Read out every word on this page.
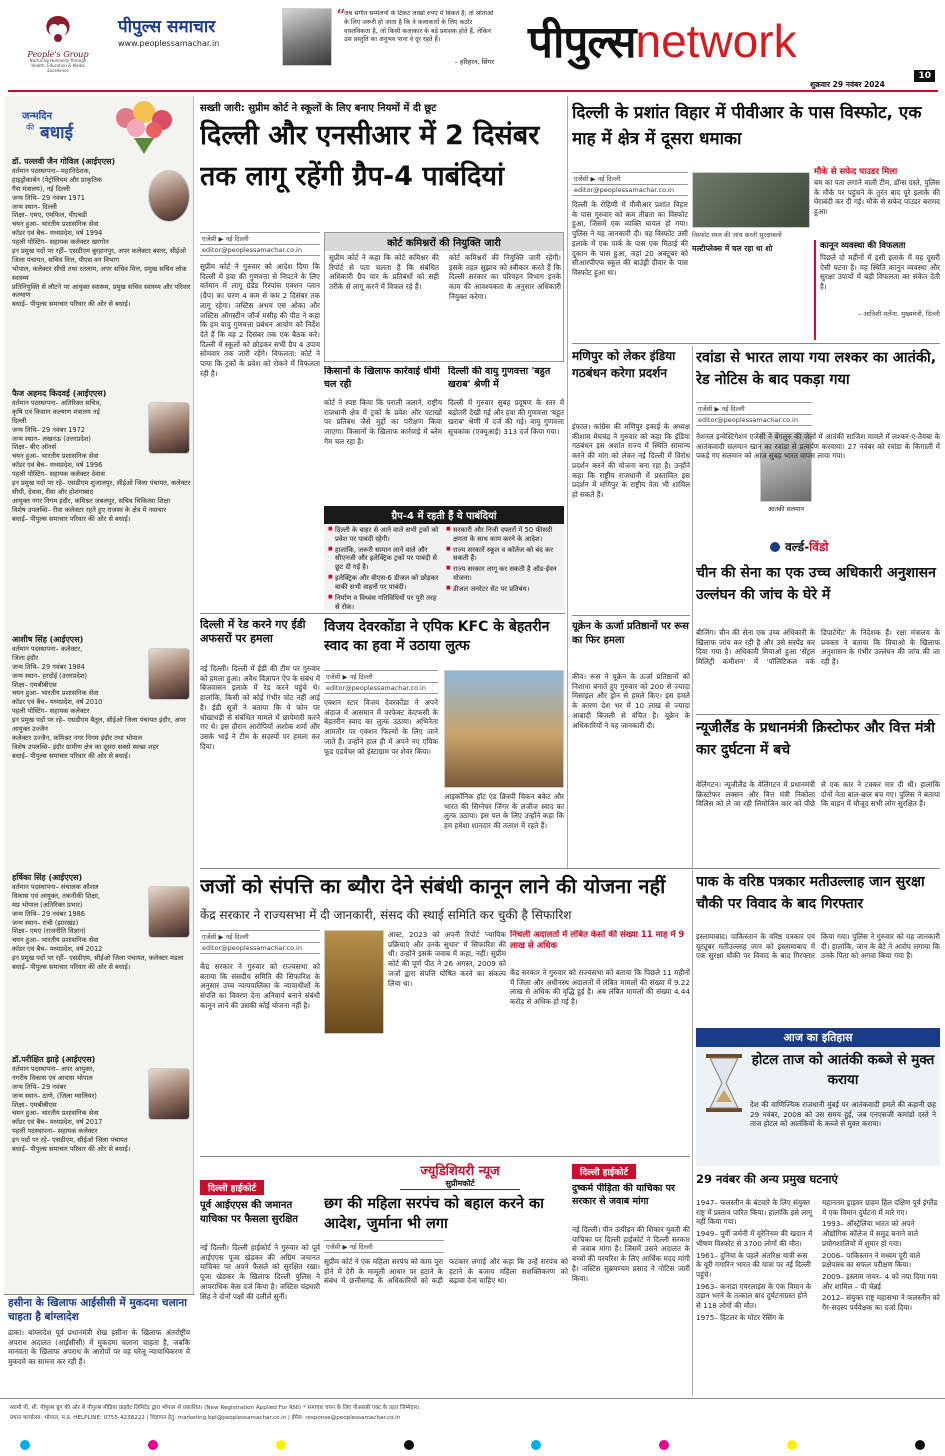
People's Group
Nurturing Humanity through Health, Education & Media Excellence
पीपुल्स समाचार
www.peoplessamachar.in
“
जब संगीत सम्मेलनों के टिकट लाखों रुपए में बिकते हैं, तो श्रोताओं के लिए जरूरी हो जाता है कि वे कलाकारों के लिए कठोर वास्तविकता है, जो किसी कलाकार के बड़े प्रशंसक होते हैं, लेकिन उस प्रस्तुति का अनुभव पाना वे दूर रहते हैं।
– हरिहरन, सिंगर पीपुल्सnetwork
शुक्रवार 29 नवंबर 2024
10
जन्मदिन
की बधाई
डॉ. पल्लवी जैन गोविल (आईएएस)
वर्तमान पदस्थापना– महानिदेशक,
हाइड्रोकार्बन (पेट्रोलियम और प्राकृतिक
गैस मंत्रालय), नई दिल्ली
जन्म तिथि– 29 नवंबर 1971
जन्म स्थान– दिल्ली
शिक्षा– एमए, एमफिल, पीएचडी
चयन हुआ– भारतीय प्रशासनिक सेवा
कॉडर एवं बैच– मध्यप्रदेश, वर्ष 1994
पहली पोस्टिंग– सहायक कलेक्टर खरगोन
इन प्रमुख पदों पर रहीं– एसडीएम बुरहानपुर, अपर कलेक्टर बस्तर, सीईओ जिला पंचायत, सचिव वित्त, पीएस वन विभाग
भोपाल, कलेक्टर सीधी तथा रतलाम, अपर सचिव वित्त, प्रमुख सचिव लोक स्वास्थ्य
प्रतिनियुक्ति से लौटने पर आयुक्त स्वास्थ्य, प्रमुख सचिव स्वास्थ्य और परिवार कल्याण
बधाई– पीपुल्स समाचार परिवार की ओर से बधाई।
फैज अहमद किदवई (आईएएस)
वर्तमान पदस्थापना– अतिरिक्त सचिव,
कृषि एवं किसान कल्याण मंत्रालय नई
दिल्ली
जन्म तिथि– 29 नवंबर 1972
जन्म स्थान– लखनऊ (उत्तरप्रदेश)
शिक्षा– बीए ऑनर्स
चयन हुआ– भारतीय प्रशासनिक सेवा
कॉडर एवं बैच– मध्यप्रदेश, वर्ष 1996
पहली पोस्टिंग– सहायक कलेक्टर देवास
इन प्रमुख पदों पर रहे– एसडीएम शुजालपुर, सीईओ जिला पंचायत, कलेक्टर सीधी, देवास, रीवा और होशंगाबाद
आयुक्त नगर निगम इंदौर, कमिश्नर जबलपुर, सचिव चिकित्सा शिक्षा
विशेष उपलब्धि– रीवा कलेक्टर रहते हुए राजस्व के क्षेत्र में नवाचार
बधाई– पीपुल्स समाचार परिवार की ओर से बधाई।
आशीष सिंह (आईएएस)
वर्तमान पदस्थापना– कलेक्टर,
जिला इंदौर
जन्म तिथि– 29 नवंबर 1984
जन्म स्थान– हरदोई (उत्तरप्रदेश)
शिक्षा– एमबीबीएस
चयन हुआ– भारतीय प्रशासनिक सेवा
कॉडर एवं बैच– मध्यप्रदेश, वर्ष 2010
पहली पोस्टिंग– सहायक कलेक्टर
इन प्रमुख पदों पर रहे– एसडीएम बैतूल, सीईओ जिला पंचायत इंदौर, अपर आयुक्त उज्जैन
कलेक्टर उज्जैन, कमिश्नर नगर निगम इंदौर तथा भोपाल
विशेष उपलब्धि– इंदौर ग्रामीण क्षेत्र का दूसरा सबसे स्वच्छ शहर
बधाई– पीपुल्स समाचार परिवार की ओर से बधाई।
हर्षिका सिंह (आईएएस)
वर्तमान पदस्थापना– संचालक कौशल
विकास एवं आयुक्त, तकनीकी शिक्षा,
मप्र भोपाल (अतिरिक्त प्रभार)
जन्म तिथि– 29 नवंबर 1986
जन्म स्थान– रांची (झारखंड)
शिक्षा– एमए (राजनीति विज्ञान)
चयन हुआ– भारतीय प्रशासनिक सेवा
कॉडर एवं बैच– मध्यप्रदेश, वर्ष 2012
इन प्रमुख पदों पर रहीं– एसडीएम, सीईओ जिला पंचायत, कलेक्टर मंडला
बधाई– पीपुल्स समाचार परिवार की ओर से बधाई।
डॉ.परीक्षित झाड़े (आईएएस)
वर्तमान पदस्थापना– अपर आयुक्त,
नगरीय विकास एवं आवास भोपाल
जन्म तिथि– 29 नवंबर
जन्म स्थान– ठाणे, (जिला ग्वालियर)
शिक्षा– एमबीबीएस
चयन हुआ– भारतीय प्रशासनिक सेवा
कॉडर एवं बैच– मध्यप्रदेश, वर्ष 2017
पहली पदस्थापना– सहायक कलेक्टर
इन पदों पर रहे– एसडीएम, सीईओ जिला पंचायत
बधाई– पीपुल्स समाचार परिवार की ओर से बधाई।
हसीना के खिलाफ आईसीसी में मुकदमा चलाना चाहता है बांग्लादेश
ढाका। बांग्लादेश पूर्व प्रधानमंत्री शेख हसीना के खिलाफ अंतर्राष्ट्रीय अपराध अदालत (आईसीसी) में मुकदमा चलाना चाहता है, जबकि मानवता के खिलाफ अपराध के आरोपों पर वह घरेलू न्यायाधिकरण में मुकदमे का सामना कर रही हैं।
सख्ती जारी: सुप्रीम कोर्ट ने स्कूलों के लिए बनाए नियमों में दी छूट
दिल्ली और एनसीआर में 2 दिसंबर तक लागू रहेंगी ग्रैप-4 पाबंदियां
एजेंसी ▶ नई दिल्ली
editor@peoplessamachar.co.in
सुप्रीम कोर्ट ने गुरुवार को आदेश दिया कि दिल्ली में हवा की गुणवत्ता से निपटने के लिए वर्तमान में लागू ग्रेडेड रिस्पांस एक्शन प्लान (ग्रैप) का चरण 4 कम से कम 2 दिसंबर तक लागू रहेगा। जस्टिस अभय एस ओका और जस्टिस ऑगस्टीन जॉर्ज मसीह की पीठ ने कहा कि हम वायु गुणवत्ता प्रबंधन आयोग को निर्देश देते हैं कि वह 2 दिसंबर तक एक बैठक करे। दिल्ली में स्कूलों को छोड़कर सभी ग्रैप 4 उपाय सोमवार तक जारी रहेंगे। विफलता: कोर्ट ने पाया कि ट्रकों के प्रवेश को रोकने में विफलता रही है।
कोर्ट कमिश्नरों की नियुक्ति जारी
सुप्रीम कोर्ट ने कहा कि कोर्ट कमिश्नर की रिपोर्ट से पता चलता है कि संबंधित अधिकारी ग्रैप चार के प्रतिबंधों को सही तरीके से लागू करने में विफल रहे हैं।
कोर्ट कमिश्नरों की नियुक्ति जारी रहेगी। इसके तहत सुझाव को स्वीकार करते हैं कि दिल्ली सरकार का परिवहन विभाग इनके काम की आवश्यकता के अनुसार अधिकारी नियुक्त करेगा।
किसानों के खिलाफ कार्रवाई धीमी चल रही
कोर्ट ने स्पष्ट किया कि पराली जलाने, राष्ट्रीय राजधानी क्षेत्र में ट्रकों के प्रवेश और पटाखों पर प्रतिबंध जैसे मुद्दों का परीक्षण किया जाएगा। किसानों के खिलाफ कार्रवाई में ब्लेम गेम चल रहा है।
दिल्ली की वायु गुणवत्ता 'बहुत खराब' श्रेणी में
दिल्ली में गुरुवार सुबह प्रदूषण के स्तर में बढ़ोतरी देखी गई और हवा की गुणवत्ता 'बहुत खराब' श्रेणी में दर्ज की गई। वायु गुणवत्ता सूचकांक (एक्यूआई) 313 दर्ज किया गया।
ग्रैप-4 में रहती हैं ये पाबंदियां
■ दिल्ली के बाहर से आने वाले सभी ट्रकों को प्रवेश पर पाबंदी रहेगी।
■ हालांकि, जरूरी सामान लाने वाले और सीएनजी और इलेक्ट्रिक ट्रकों पर पाबंदी से छूट दी गई है।
■ इलेक्ट्रिक और बीएस-6 डीजल को छोड़कर बाकी सभी वाहनों पर पाबंदी।
■ निर्माण व विध्वंस गतिविधियों पर पूरी तरह से रोक।
■ सरकारी और निजी दफ्तरों में 50 फीसदी क्षमता के साथ काम करने के आदेश।
■ राज्य सरकारें स्कूल व कॉलेज को बंद कर सकती हैं।
■ राज्य सरकार लागू कर सकती है ऑड-ईवन योजना।
■ डीजल जनरेटर सेट पर प्रतिबंध।
दिल्ली में रेड करने गए ईडी अफसरों पर हमला
नई दिल्ली। दिल्ली में ईडी की टीम पर गुरुवार को हमला हुआ। अवैध विज्ञापन ऐप के संबंध में बिजवासन इलाके में रेड करने पहुंचे थे। हालांकि, किसी को कोई गंभीर चोट नहीं आई है। ईडी सूत्रों ने बताया कि ये फोन पर धोखाधड़ी से संबंधित मामले में छापेमारी करने गए थे। इस दौरान आरोपियों अशोक शर्मा और उसके भाई ने टीम के सदस्यों पर हमला कर दिया।
विजय देवरकोंडा ने एपिक KFC के बेहतरीन स्वाद का हवा में उठाया लुत्फ
एजेंसी ▶ नई दिल्ली
editor@peoplessamachar.co.in
एक्शन स्टार विजय देवरकोंडा ने अपने अंदाज में आसमान में परफेक्ट केएफसी के बेहतरीन स्वाद का लुत्फ उठाया। अभिनेता आमतौर पर एक्शन फिल्मों के लिए जाने जाते हैं। उन्होंने हाल ही में अपने नए एपिक फूड एडवेंचर को इंस्टाग्राम पर शेयर किया।
आइकॉनिक हॉट एंड क्रिस्पी चिकन बकेट और भारत की सिग्नेचर जिंगर के लजीज स्वाद का लुत्फ उठाया। इस पल के लिए उन्होंने कहा कि हम हमेशा शानदार की तलाश में रहते हैं।
जजों को संपत्ति का ब्यौरा देने संबंधी कानून लाने की योजना नहीं
केंद्र सरकार ने राज्यसभा में दी जानकारी, संसद की स्थाई समिति कर चुकी है सिफारिश
एजेंसी ▶ नई दिल्ली
editor@peoplessamachar.co.in
केंद्र सरकार ने गुरुवार को राज्यसभा को बताया कि संसदीय समिति की सिफारिश के अनुसार उच्च न्यायपालिका के न्यायाधीशों के संपत्ति का विवरण देना अनिवार्य बनाने संबंधी कानून लाने की उसकी कोई योजना नहीं है।
आस्ट, 2023 को अपनी रिपोर्ट 'न्यायिक प्रक्रियाएं और उनके सुधार' में सिफारिश की थी। उन्होंने इसके जवाब में कहा, नहीं। सुप्रीम कोर्ट की पूर्ण पीठ ने 26 अगस्त, 2009 को जजों द्वारा संपत्ति घोषित करने का संकल्प लिया था।
निचली अदालतों में लंबित केसों की संख्या 11 माह में 9 लाख से अधिक
केंद्र सरकार ने गुरुवार को राज्यसभा को बताया कि पिछले 11 महीनों में जिला और अधीनस्थ अदालतों में लंबित मामलों की संख्या में 9.22 लाख से अधिक की वृद्धि हुई है। अब लंबित मामलों की संख्या 4.44 करोड़ से अधिक हो गई है।
ज्यूडिशियरी न्यूज
सुप्रीमकोर्ट
दिल्ली हाईकोर्ट
पूर्व आईएएस की जमानत याचिका पर फैसला सुरक्षित
नई दिल्ली। दिल्ली हाईकोर्ट ने गुरुवार को पूर्व आईएएस पूजा खेडकर की अग्रिम जमानत याचिका पर अपने फैसले को सुरक्षित रखा। पूजा खेडकर के खिलाफ दिल्ली पुलिस ने आपराधिक केस दर्ज किया है। जस्टिस चंद्रधारी सिंह ने दोनों पक्षों की दलीलें सुनीं।
छग की महिला सरपंच को बहाल करने का आदेश, जुर्माना भी लगा
एजेंसी ▶ नई दिल्ली
सुप्रीम कोर्ट ने एक महिला सरपंच को काम पूरा होने में देरी के मामूली आधार पर हटाने के संबंध में छत्तीसगढ़ के अधिकारियों को कड़ी फटकार लगाई और कहा कि उन्हें सरपंच को हटाने के बजाय महिला सशक्तिकरण को बढ़ावा देना चाहिए था।
दिल्ली हाईकोर्ट
दुष्कर्म पीड़िता की याचिका पर सरकार से जवाब मांगा
नई दिल्ली। पीन उत्पीड़न की शिकार युवती की याचिका पर दिल्ली हाईकोर्ट ने दिल्ली सरकार से जवाब मांगा है। जिसमें उसने अदालत के बच्चों की परवरिश के लिए आर्थिक मदद मांगी है। जस्टिस सुब्रमण्यम प्रसाद ने नोटिस जारी किया।
दिल्ली के प्रशांत विहार में पीवीआर के पास विस्फोट, एक माह में क्षेत्र में दूसरा धमाका
एजेंसी ▶ नई दिल्ली
editor@peoplessamachar.co.in
दिल्ली के रोहिणी में पीवीआर प्रशांत विहार के पास गुरुवार को कम तीव्रता का विस्फोट हुआ, जिसमें एक व्यक्ति घायल हो गया। पुलिस ने यह जानकारी दी। यह विस्फोट उसी इलाके में एक पार्क के पास एक मिठाई की दुकान के पास हुआ, जहां 20 अक्टूबर को सीआरपीएफ स्कूल की बाउंड्री दीवार के पास विस्फोट हुआ था।
विस्फोट स्थल की जांच करती सुरक्षाबलों
मौके से सफेद पाउडर मिला
बम का पता लगाने वाली टीम, डॉग्स दस्ते, पुलिस के मौके पर पहुंचने के तुरंत बाद पूरे इलाके की घेराबंदी कर दी गई। मौके से सफेद पाउडर बरामद हुआ।
मल्टीप्लेक्स में चल रहा था शो	कानून व्यवस्था की विफलता
पिछले दो महीनों में इसी इलाके में यह दूसरी ऐसी घटना है। यह स्थिति कानून व्यवस्था और सुरक्षा उपायों में बड़ी विफलता का संकेत देती है।
– आतिशी मर्लेना, मुख्यमंत्री, दिल्ली
मणिपुर को लेकर इंडिया गठबंधन करेगा प्रदर्शन
इंफाल। कांग्रेस की मणिपुर इकाई के अध्यक्ष कीशाम मेघचंद्र ने गुरुवार को कहा कि इंडिया गठबंधन इस अशांत राज्य में स्थिति सामान्य करने की मांग को लेकर नई दिल्ली में विरोध प्रदर्शन करने की योजना बना रहा है। उन्होंने कहा कि राष्ट्रीय राजधानी में प्रस्तावित इस प्रदर्शन में मणिपुर के राष्ट्रीय नेता भी शामिल हो सकते हैं।
यूक्रेन के ऊर्जा प्रतिष्ठानों पर रूस का फिर हमला
कीव। रूस ने यूक्रेन के ऊर्जा प्रतिष्ठानों को निशाना बनाते हुए गुरुवार को 200 से ज्यादा मिसाइल और ड्रोन से हमले किए। इस हमले के कारण देश भर में 10 लाख से ज्यादा आबादी बिजली से वंचित है। यूक्रेन के अधिकारियों ने यह जानकारी दी।
रवांडा से भारत लाया गया लश्कर का आतंकी, रेड नोटिस के बाद पकड़ा गया
एजेंसी ▶ नई दिल्ली
editor@peoplessamachar.co.in
आतंकी सलमान
नेशनल इन्वेस्टिगेशन एजेंसी ने बेंगलुरु की जेलों में आतंकी साजिश मामले में लश्कर-ए-तैयबा के आतंकवादी सलमान खान का रवांडा से प्रत्यर्पण करवाया। 27 नवंबर को रवांडा के किगाली में पकड़े गए सलमान को आज सुबह भारत वापस लाया गया।
वर्ल्ड-विंडो
चीन की सेना का एक उच्च अधिकारी अनुशासन उल्लंघन की जांच के घेरे में
बीजिंग। चीन की सेना एक उच्च अधिकारी के खिलाफ जांच कर रही है और उसे सस्पेंड कर दिया गया है। अधिकारी मियाओ हुआ 'सेंट्रल मिलिट्री कमीशन' में 'पॉलिटिकल वर्क डिपार्टमेंट' के निदेशक हैं। रक्षा मंत्रालय के प्रवक्ता ने बताया कि मियाओ के खिलाफ अनुशासन के गंभीर उल्लंघन की जांच की जा रही है।
न्यूजीलैंड के प्रधानमंत्री क्रिस्टोफर और वित्त मंत्री कार दुर्घटना में बचे
वेलिंगटन। न्यूजीलैंड के वेलिंगटन में प्रधानमंत्री क्रिस्टोफर लक्सन और वित्त मंत्री निकोला विलिस को ले जा रही लिमोजिन कार को पीछे से एक कार ने टक्कर मार दी थी। हालांकि दोनों नेता बाल-बाल बच गए। पुलिस ने बताया कि वाहन में मौजूद सभी लोग सुरक्षित हैं।
पाक के वरिष्ठ पत्रकार मतीउल्लाह जान सुरक्षा चौकी पर विवाद के बाद गिरफ्तार
इस्लामाबाद। पाकिस्तान के वरिष्ठ पत्रकार एवं यूट्यूबर मतीउल्लाह जान को इस्लामाबाद में एक सुरक्षा चौकी पर विवाद के बाद गिरफ्तार किया गया। पुलिस ने गुरुवार को यह जानकारी दी। हालांकि, जान के बेटे ने आरोप लगाया कि उनके पिता को अगवा किया गया है।
आज का इतिहास
होटल ताज को आतंकी कब्जे से मुक्त कराया
देश की वाणिज्यिक राजधानी मुंबई पर आतंकवादी हमले की कहानी छह 29 नवंबर, 2008 को उस समय हुई, जब एनएसजी कमांडो दस्ते ने ताज होटल को आतंकियों के कब्जे से मुक्त कराया।
29 नवंबर की अन्य प्रमुख घटनाएं
1947– फलस्तीन के बंटवारे के लिए संयुक्त राष्ट्र में प्रस्ताव पारित किया। हालांकि इसे लागू नहीं किया गया।
1949– पूर्वी जर्मनी में यूरेनियम की खदान में भीषण विस्फोट से 3700 लोगों की मौत।
1961– दुनिया के पहले अंतरिक्ष यात्री रूस के यूरी गगारिन भारत की यात्रा पर नई दिल्ली पहुंचे।
1963– कनाडा एयरलाइंस के एक विमान के उड़ान भरने के तत्काल बाद दुर्घटनाग्रस्त होने से 118 लोगों की मौत।
1975– हिटलर के मोटर रेसिंग के
महानतम ड्राइवर ग्राहम हिल दक्षिण पूर्व इंग्लैंड में एक विमान दुर्घटना में मारे गए।
1993– ऑस्ट्रेलिया भारत को अपने औद्योगिक कॉलेज में समुद्र बनाने वाले प्रयोगशालियों में शुमार हो गया।
2006– पाकिस्तान ने मध्यम दूरी वाले प्रक्षेपास्त्र का सफल परीक्षण किया।
2009– इस्लाम नायर– 4 को नया दिया गया और शामिल – पी चेन्नई
2012– संयुक्त राष्ट्र महासभा ने फलस्तीन को गैर-सदस्य पर्यवेक्षक का दर्जा दिया।
स्वामी पी. सी. पीपुल्स ग्रुप की ओर से पीपुल्स मीडिया प्राइवेट लिमिटेड द्वारा भोपाल से प्रकाशित। (New Registration Applied For RNI) * समाचार चयन के लिए पीआरबी एक्ट के तहत जिम्मेदार।
प्रधान कार्यालय: भोपाल, म.प्र. HELPLINE: 0755-4238222 | विज्ञापन हेतु: marketing.bpl@peoplessamachar.co.in | ईमेल: response@peoplessamachar.co.in
